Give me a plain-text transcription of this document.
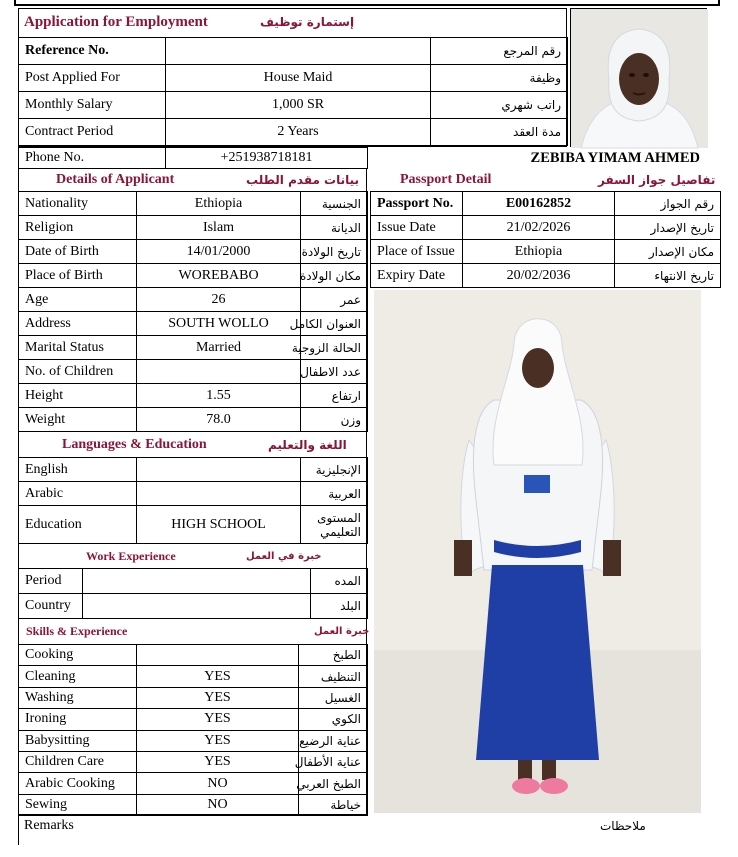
Application for Employment	إستمارة توظيف
Reference No.		رقم المرجع
Post Applied For	House Maid	وظيفة
Monthly Salary	1,000 SR	راتب شهري
Contract Period	2 Years	مدة العقد
Phone No.	+251938718181	ZEBIBA YIMAM AHMED
Details of Applicant	بيانات مقدم الطلب
Nationality	Ethiopia	الجنسية
Religion	Islam	الديانة
Date of Birth	14/01/2000	تاريخ الولادة
Place of Birth	WOREBABO	مكان الولادة
Age	26	عمر
Address	SOUTH WOLLO	العنوان الكامل
Marital Status	Married	الحالة الزوجية
No. of Children		عدد الاطفال
Height	1.55	ارتفاع
Weight	78.0	وزن
Languages & Education	اللغة والتعليم
English		الإنجليزية
Arabic		العربية
Education	HIGH SCHOOL	المستوى التعليمي
Work Experience	خبرة في العمل
Period		المده
Country		البلد
Skills & Experience	خبرة العمل
Cooking		الطبخ
Cleaning	YES	التنظيف
Washing	YES	الغسيل
Ironing	YES	الكوي
Babysitting	YES	عناية الرضيع
Children Care	YES	عناية الأطفال
Arabic Cooking	NO	الطبخ العربي
Sewing	NO	خياطة
Passport Detail	تفاصيل جواز السفر
Passport No.	E00162852	رقم الجواز
Issue Date	21/02/2026	تاريخ الإصدار
Place of Issue	Ethiopia	مكان الإصدار
Expiry Date	20/02/2036	تاريخ الانتهاء
Remarks	ملاحظات
